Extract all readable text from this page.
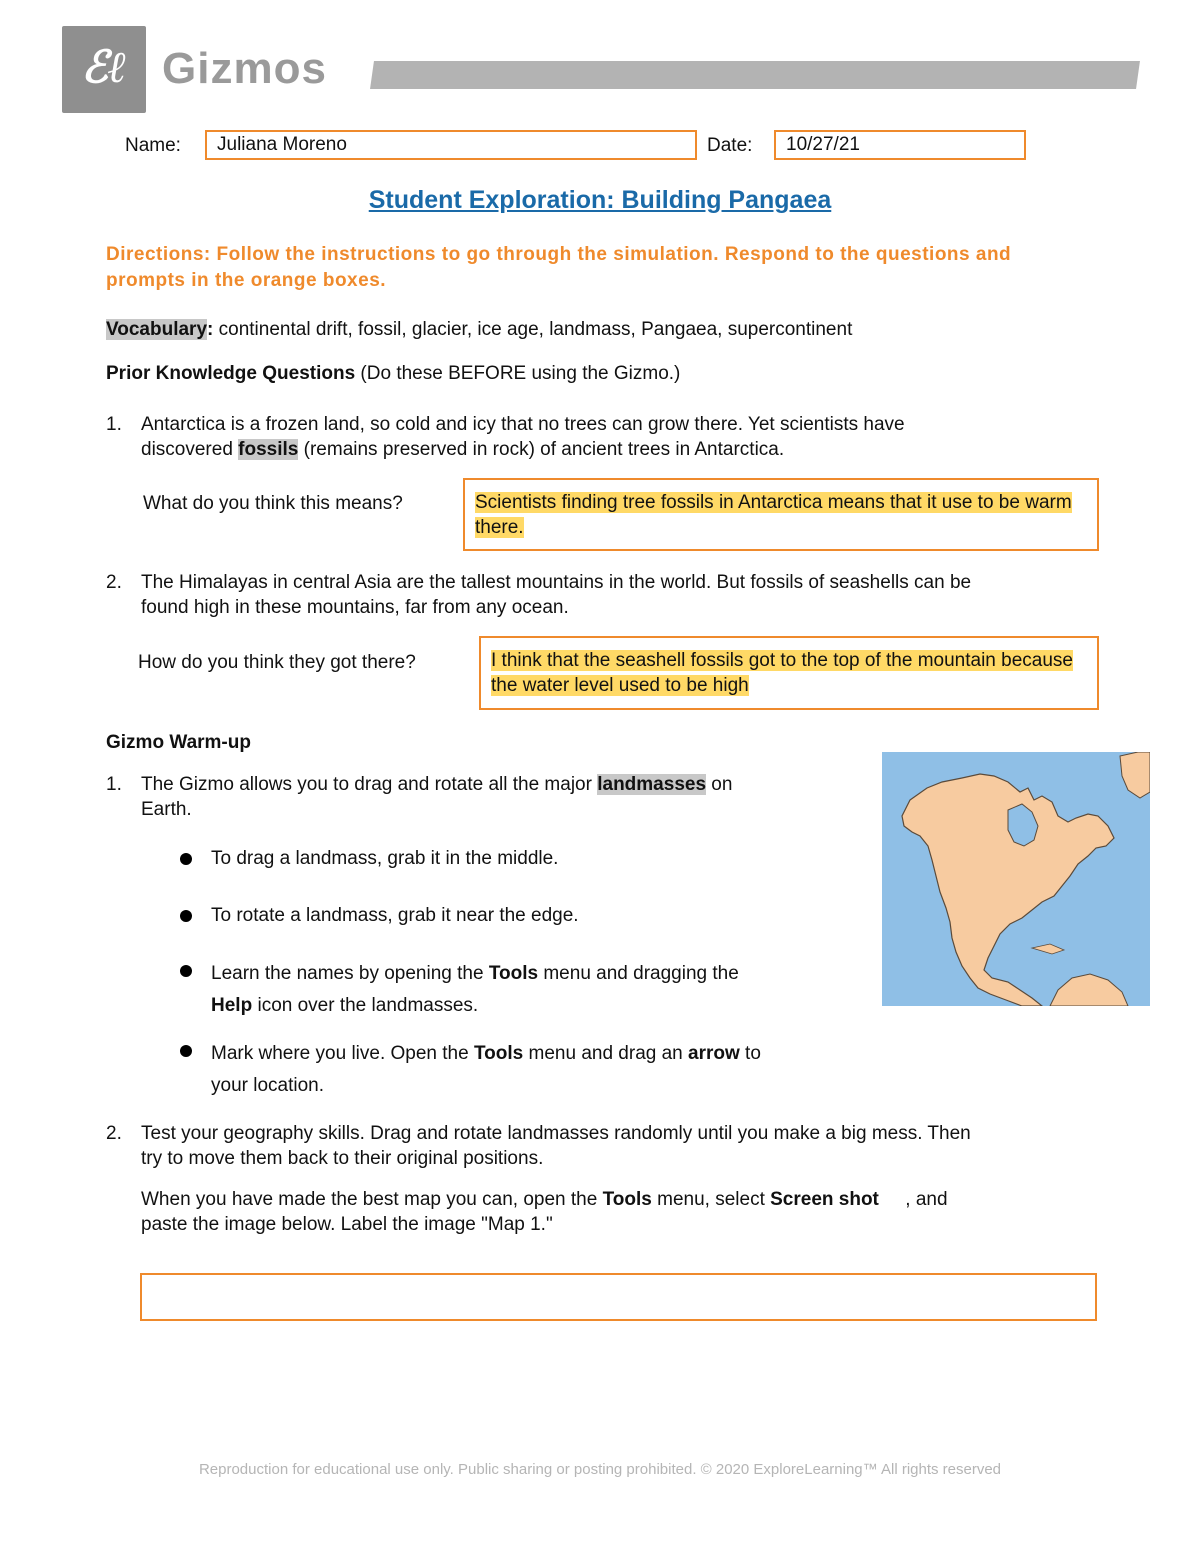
ℰℓ Gizmos
Name:	Juliana Moreno	Date:	10/27/21
Student Exploration: Building Pangaea
Directions: Follow the instructions to go through the simulation. Respond to the questions and prompts in the orange boxes.
Vocabulary: continental drift, fossil, glacier, ice age, landmass, Pangaea, supercontinent
Prior Knowledge Questions (Do these BEFORE using the Gizmo.)
1. Antarctica is a frozen land, so cold and icy that no trees can grow there. Yet scientists have
discovered fossils (remains preserved in rock) of ancient trees in Antarctica.
What do you think this means?	Scientists finding tree fossils in Antarctica means that it use to be warm there.
2. The Himalayas in central Asia are the tallest mountains in the world. But fossils of seashells can be
found high in these mountains, far from any ocean.
How do you think they got there?	I think that the seashell fossils got to the top of the mountain because the water level used to be high
Gizmo Warm-up
1. The Gizmo allows you to drag and rotate all the major landmasses on
Earth.
To drag a landmass, grab it in the middle.
To rotate a landmass, grab it near the edge.
Learn the names by opening the Tools menu and dragging the
Help icon over the landmasses.
Mark where you live. Open the Tools menu and drag an arrow to
your location.
2. Test your geography skills. Drag and rotate landmasses randomly until you make a big mess. Then
try to move them back to their original positions.
When you have made the best map you can, open the Tools menu, select Screen shot     , and
paste the image below. Label the image "Map 1."
Reproduction for educational use only. Public sharing or posting prohibited. © 2020 ExploreLearning™ All rights reserved
